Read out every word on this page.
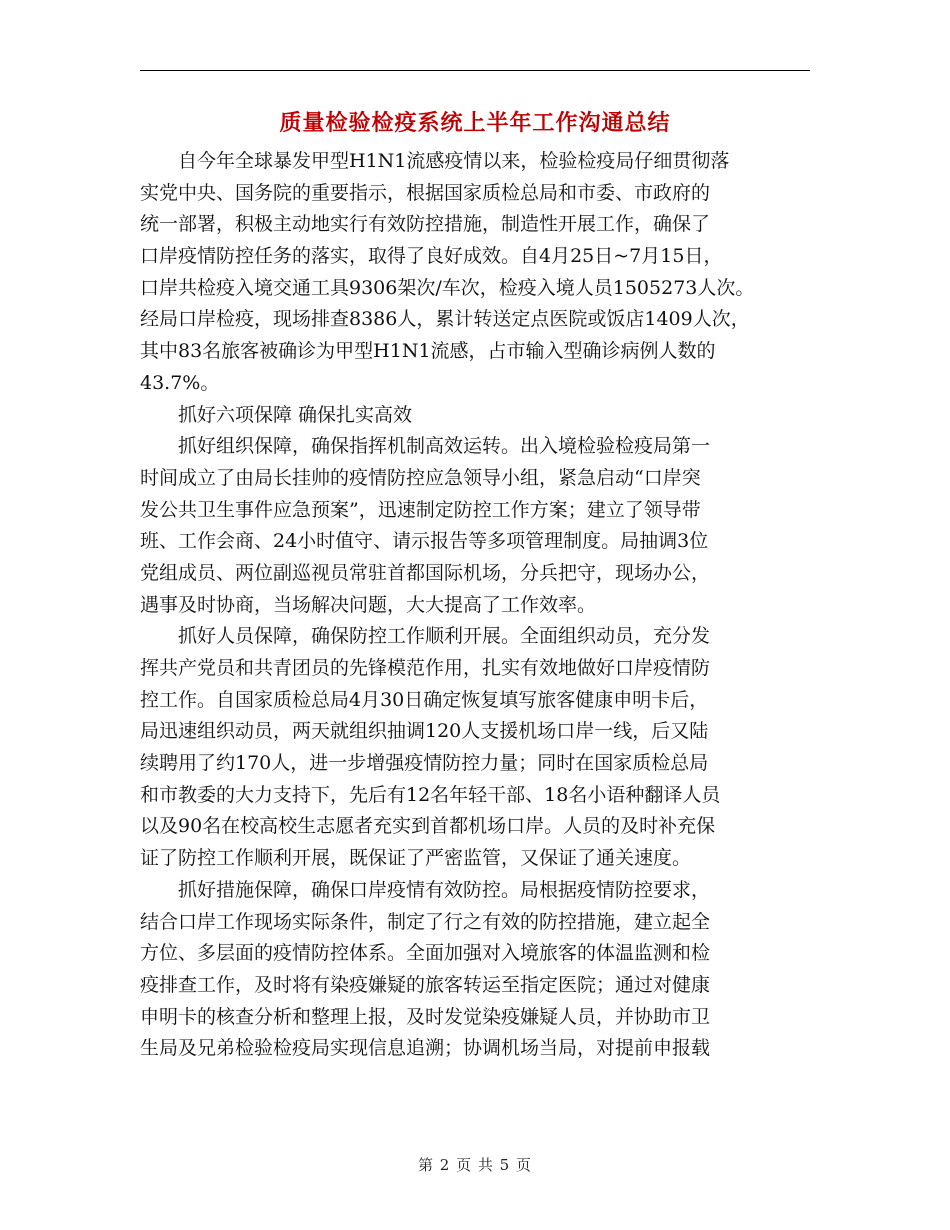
质量检验检疫系统上半年工作沟通总结
　　自今年全球暴发甲型H1N1流感疫情以来，检验检疫局仔细贯彻落
实党中央、国务院的重要指示，根据国家质检总局和市委、市政府的
统一部署，积极主动地实行有效防控措施，制造性开展工作，确保了
口岸疫情防控任务的落实，取得了良好成效。自4月25日~7月15日，
口岸共检疫入境交通工具9306架次/车次，检疫入境人员1505273人次。
经局口岸检疫，现场排查8386人，累计转送定点医院或饭店1409人次，
其中83名旅客被确诊为甲型H1N1流感，占市输入型确诊病例人数的
43.7%。
　　抓好六项保障 确保扎实高效
　　抓好组织保障，确保指挥机制高效运转。出入境检验检疫局第一
时间成立了由局长挂帅的疫情防控应急领导小组，紧急启动“口岸突
发公共卫生事件应急预案”，迅速制定防控工作方案；建立了领导带
班、工作会商、24小时值守、请示报告等多项管理制度。局抽调3位
党组成员、两位副巡视员常驻首都国际机场，分兵把守，现场办公，
遇事及时协商，当场解决问题，大大提高了工作效率。
　　抓好人员保障，确保防控工作顺利开展。全面组织动员，充分发
挥共产党员和共青团员的先锋模范作用，扎实有效地做好口岸疫情防
控工作。自国家质检总局4月30日确定恢复填写旅客健康申明卡后，
局迅速组织动员，两天就组织抽调120人支援机场口岸一线，后又陆
续聘用了约170人，进一步增强疫情防控力量；同时在国家质检总局
和市教委的大力支持下，先后有12名年轻干部、18名小语种翻译人员
以及90名在校高校生志愿者充实到首都机场口岸。人员的及时补充保
证了防控工作顺利开展，既保证了严密监管，又保证了通关速度。
　　抓好措施保障，确保口岸疫情有效防控。局根据疫情防控要求，
结合口岸工作现场实际条件，制定了行之有效的防控措施，建立起全
方位、多层面的疫情防控体系。全面加强对入境旅客的体温监测和检
疫排查工作，及时将有染疫嫌疑的旅客转运至指定医院；通过对健康
申明卡的核查分析和整理上报，及时发觉染疫嫌疑人员，并协助市卫
生局及兄弟检验检疫局实现信息追溯；协调机场当局，对提前申报载
第 2 页 共 5 页
